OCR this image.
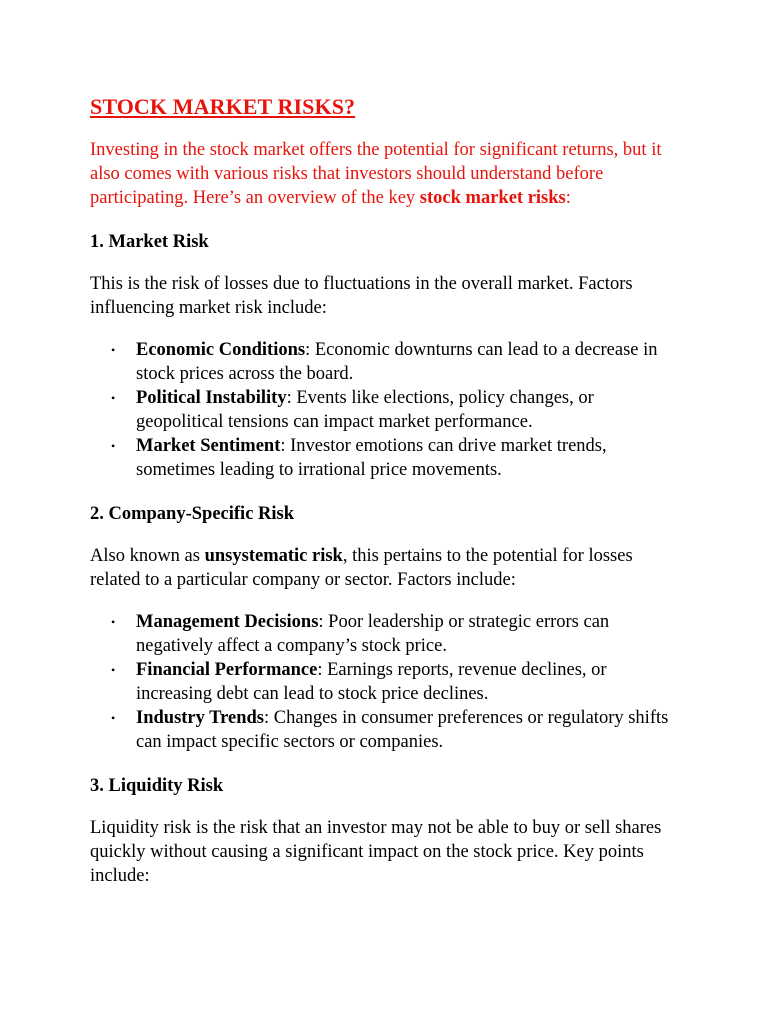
STOCK MARKET RISKS?

Investing in the stock market offers the potential for significant returns, but it also comes with various risks that investors should understand before participating. Here’s an overview of the key stock market risks:

1. Market Risk

This is the risk of losses due to fluctuations in the overall market. Factors influencing market risk include:

• Economic Conditions: Economic downturns can lead to a decrease in stock prices across the board.
• Political Instability: Events like elections, policy changes, or geopolitical tensions can impact market performance.
• Market Sentiment: Investor emotions can drive market trends, sometimes leading to irrational price movements.
2. Company-Specific Risk

Also known as unsystematic risk, this pertains to the potential for losses related to a particular company or sector. Factors include:

• Management Decisions: Poor leadership or strategic errors can negatively affect a company’s stock price.
• Financial Performance: Earnings reports, revenue declines, or increasing debt can lead to stock price declines.
• Industry Trends: Changes in consumer preferences or regulatory shifts can impact specific sectors or companies.
3. Liquidity Risk

Liquidity risk is the risk that an investor may not be able to buy or sell shares quickly without causing a significant impact on the stock price. Key points include:
